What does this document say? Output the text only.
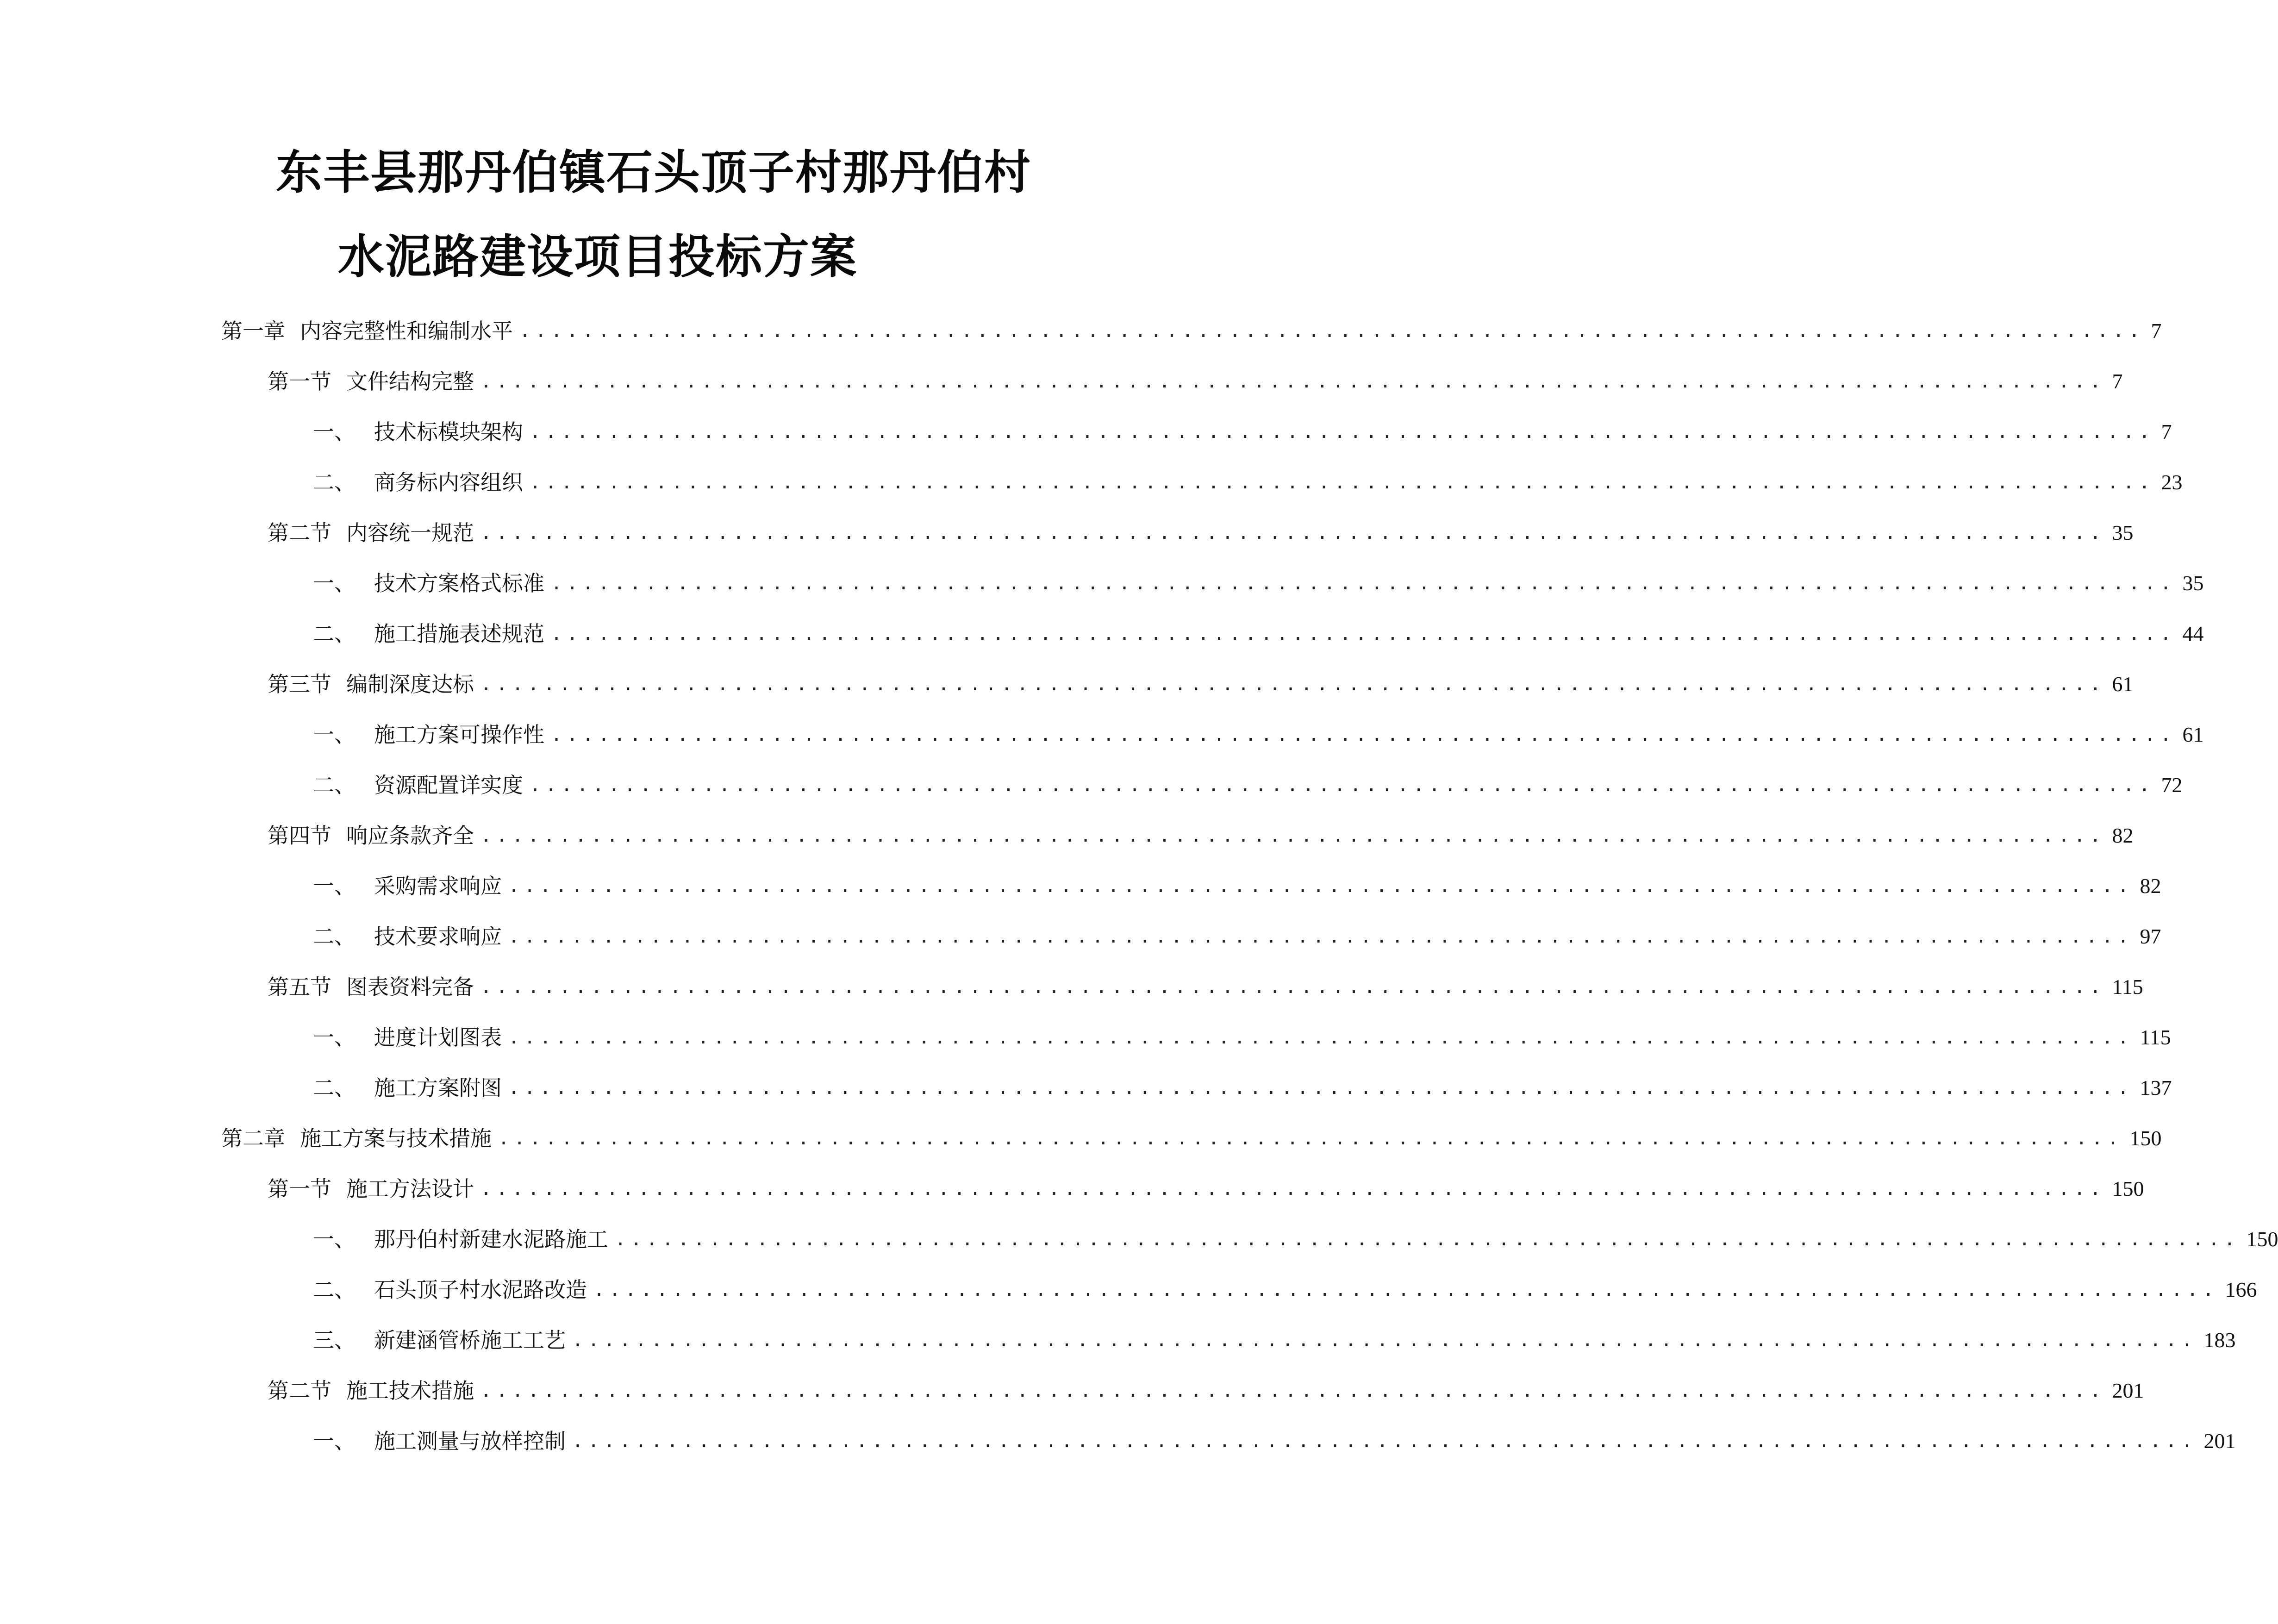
东丰县那丹伯镇石头顶子村那丹伯村
水泥路建设项目投标方案
第一章 内容完整性和编制水平 ....................................................................................................... 7
第一节 文件结构完整 ....................................................................................................... 7
一、 技术标模块架构 ....................................................................................................... 7
二、 商务标内容组织 ....................................................................................................... 23
第二节 内容统一规范 ....................................................................................................... 35
一、 技术方案格式标准 ....................................................................................................... 35
二、 施工措施表述规范 ....................................................................................................... 44
第三节 编制深度达标 ....................................................................................................... 61
一、 施工方案可操作性 ....................................................................................................... 61
二、 资源配置详实度 ....................................................................................................... 72
第四节 响应条款齐全 ....................................................................................................... 82
一、 采购需求响应 ....................................................................................................... 82
二、 技术要求响应 ....................................................................................................... 97
第五节 图表资料完备 ....................................................................................................... 115
一、 进度计划图表 ....................................................................................................... 115
二、 施工方案附图 ....................................................................................................... 137
第二章 施工方案与技术措施 ....................................................................................................... 150
第一节 施工方法设计 ....................................................................................................... 150
一、 那丹伯村新建水泥路施工 ....................................................................................................... 150
二、 石头顶子村水泥路改造 ....................................................................................................... 166
三、 新建涵管桥施工工艺 ....................................................................................................... 183
第二节 施工技术措施 ....................................................................................................... 201
一、 施工测量与放样控制 ....................................................................................................... 201
